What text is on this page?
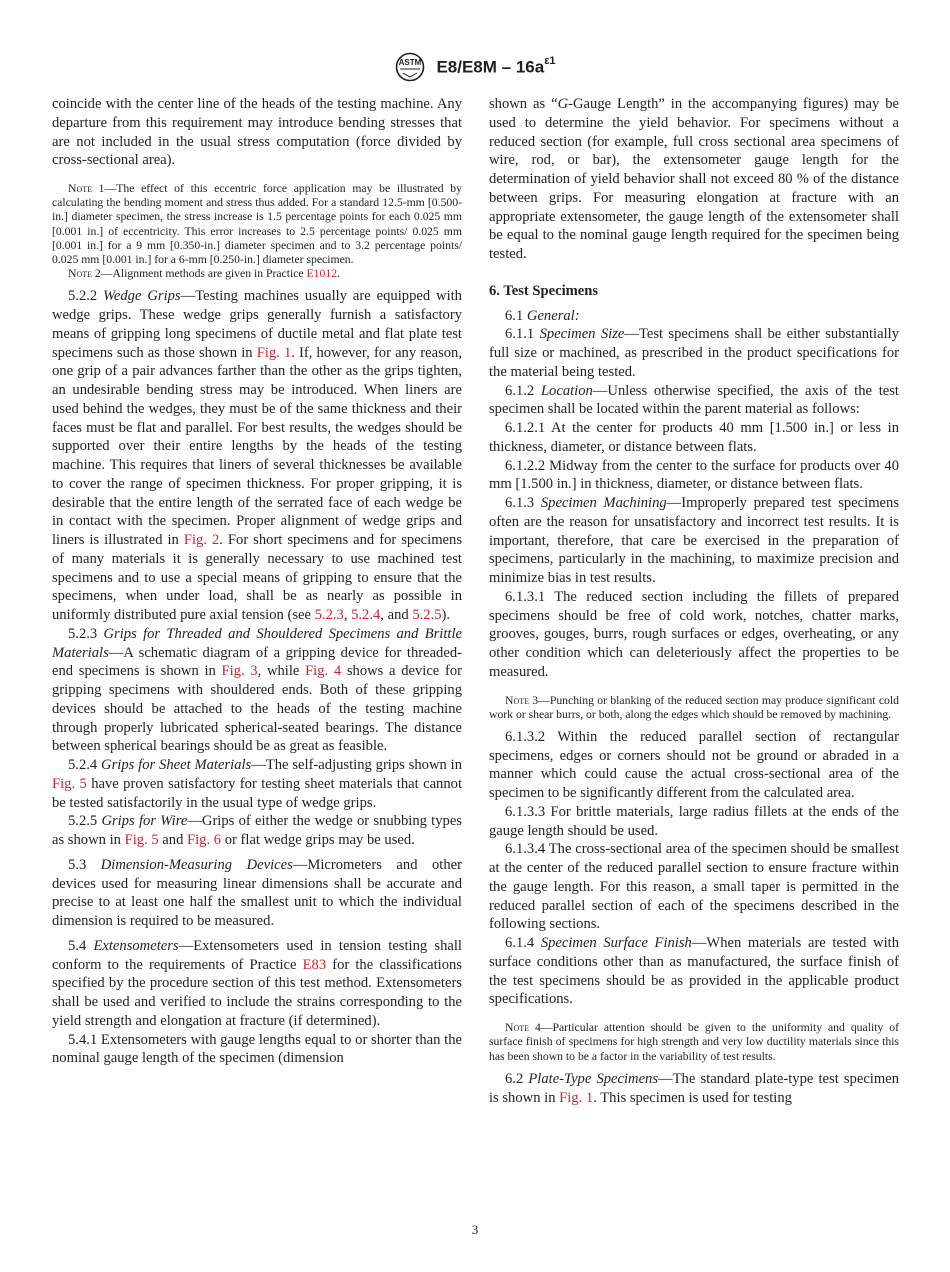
ASTM $E8/E8M - 16a^{\varepsilon 1}$

coincide with the center line of the heads of the testing machine. Any departure from this requirement may introduce bending stresses that are not included in the usual stress computation (force divided by cross-sectional area).

Note 1—The effect of this eccentric force application may be illustrated by calculating the bending moment and stress thus added. For a standard 12.5-mm [0.500-in.] diameter specimen, the stress increase is 1.5 percentage points for each 0.025 mm [0.001 in.] of eccentricity. This error increases to 2.5 percentage points/ 0.025 mm [0.001 in.] for a 9 mm [0.350-in.] diameter specimen and to 3.2 percentage points/ 0.025 mm [0.001 in.] for a 6-mm [0.250-in.] diameter specimen.

Note 2—Alignment methods are given in Practice E1012.

5.2.2 Wedge Grips—Testing machines usually are equipped with wedge grips. These wedge grips generally furnish a satisfactory means of gripping long specimens of ductile metal and flat plate test specimens such as those shown in Fig. 1. If, however, for any reason, one grip of a pair advances farther than the other as the grips tighten, an undesirable bending stress may be introduced. When liners are used behind the wedges, they must be of the same thickness and their faces must be flat and parallel. For best results, the wedges should be supported over their entire lengths by the heads of the testing machine. This requires that liners of several thicknesses be available to cover the range of specimen thickness. For proper gripping, it is desirable that the entire length of the serrated face of each wedge be in contact with the specimen. Proper alignment of wedge grips and liners is illustrated in Fig. 2. For short specimens and for specimens of many materials it is generally necessary to use machined test specimens and to use a special means of gripping to ensure that the specimens, when under load, shall be as nearly as possible in uniformly distributed pure axial tension (see 5.2.3, 5.2.4, and 5.2.5).

5.2.3 Grips for Threaded and Shouldered Specimens and Brittle Materials—A schematic diagram of a gripping device for threaded-end specimens is shown in Fig. 3, while Fig. 4 shows a device for gripping specimens with shouldered ends. Both of these gripping devices should be attached to the heads of the testing machine through properly lubricated spherical-seated bearings. The distance between spherical bearings should be as great as feasible.

5.2.4 Grips for Sheet Materials—The self-adjusting grips shown in Fig. 5 have proven satisfactory for testing sheet materials that cannot be tested satisfactorily in the usual type of wedge grips.

5.2.5 Grips for Wire—Grips of either the wedge or snubbing types as shown in Fig. 5 and Fig. 6 or flat wedge grips may be used.

5.3 Dimension-Measuring Devices—Micrometers and other devices used for measuring linear dimensions shall be accurate and precise to at least one half the smallest unit to which the individual dimension is required to be measured.

5.4 Extensometers—Extensometers used in tension testing shall conform to the requirements of Practice E83 for the classifications specified by the procedure section of this test method. Extensometers shall be used and verified to include the strains corresponding to the yield strength and elongation at fracture (if determined).

5.4.1 Extensometers with gauge lengths equal to or shorter than the nominal gauge length of the specimen (dimension

shown as “G-Gauge Length” in the accompanying figures) may be used to determine the yield behavior. For specimens without a reduced section (for example, full cross sectional area specimens of wire, rod, or bar), the extensometer gauge length for the determination of yield behavior shall not exceed 80 % of the distance between grips. For measuring elongation at fracture with an appropriate extensometer, the gauge length of the extensometer shall be equal to the nominal gauge length required for the specimen being tested.

6. Test Specimens

6.1 General:

6.1.1 Specimen Size—Test specimens shall be either substantially full size or machined, as prescribed in the product specifications for the material being tested.

6.1.2 Location—Unless otherwise specified, the axis of the test specimen shall be located within the parent material as follows:

6.1.2.1 At the center for products 40 mm [1.500 in.] or less in thickness, diameter, or distance between flats.

6.1.2.2 Midway from the center to the surface for products over 40 mm [1.500 in.] in thickness, diameter, or distance between flats.

6.1.3 Specimen Machining—Improperly prepared test specimens often are the reason for unsatisfactory and incorrect test results. It is important, therefore, that care be exercised in the preparation of specimens, particularly in the machining, to maximize precision and minimize bias in test results.

6.1.3.1 The reduced section including the fillets of prepared specimens should be free of cold work, notches, chatter marks, grooves, gouges, burrs, rough surfaces or edges, overheating, or any other condition which can deleteriously affect the properties to be measured.

Note 3—Punching or blanking of the reduced section may produce significant cold work or shear burrs, or both, along the edges which should be removed by machining.

6.1.3.2 Within the reduced parallel section of rectangular specimens, edges or corners should not be ground or abraded in a manner which could cause the actual cross-sectional area of the specimen to be significantly different from the calculated area.

6.1.3.3 For brittle materials, large radius fillets at the ends of the gauge length should be used.

6.1.3.4 The cross-sectional area of the specimen should be smallest at the center of the reduced parallel section to ensure fracture within the gauge length. For this reason, a small taper is permitted in the reduced parallel section of each of the specimens described in the following sections.

6.1.4 Specimen Surface Finish—When materials are tested with surface conditions other than as manufactured, the surface finish of the test specimens should be as provided in the applicable product specifications.

Note 4—Particular attention should be given to the uniformity and quality of surface finish of specimens for high strength and very low ductility materials since this has been shown to be a factor in the variability of test results.

6.2 Plate-Type Specimens—The standard plate-type test specimen is shown in Fig. 1. This specimen is used for testing

3
